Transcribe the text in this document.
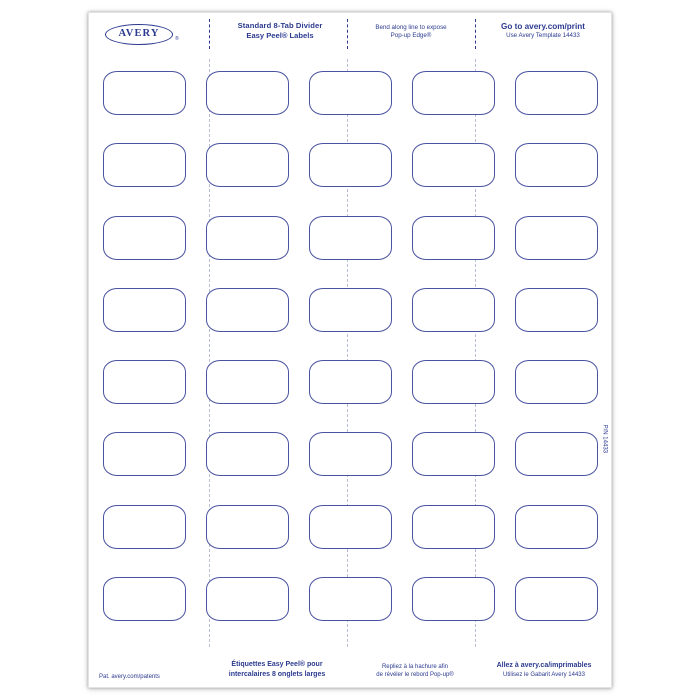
AVERY	®
Standard 8-Tab Divider
Easy Peel® Labels
Bend along line to expose
Pop-up Edge®
Go to avery.com/print
Use Avery Template 14433
P/N 14433
Pat. avery.com/patents
Étiquettes Easy Peel® pour
intercalaires 8 onglets larges
Repliez à la hachure afin
de révéler le rebord Pop-up®
Allez à avery.ca/imprimables
Utilisez le Gabarit Avery 14433
